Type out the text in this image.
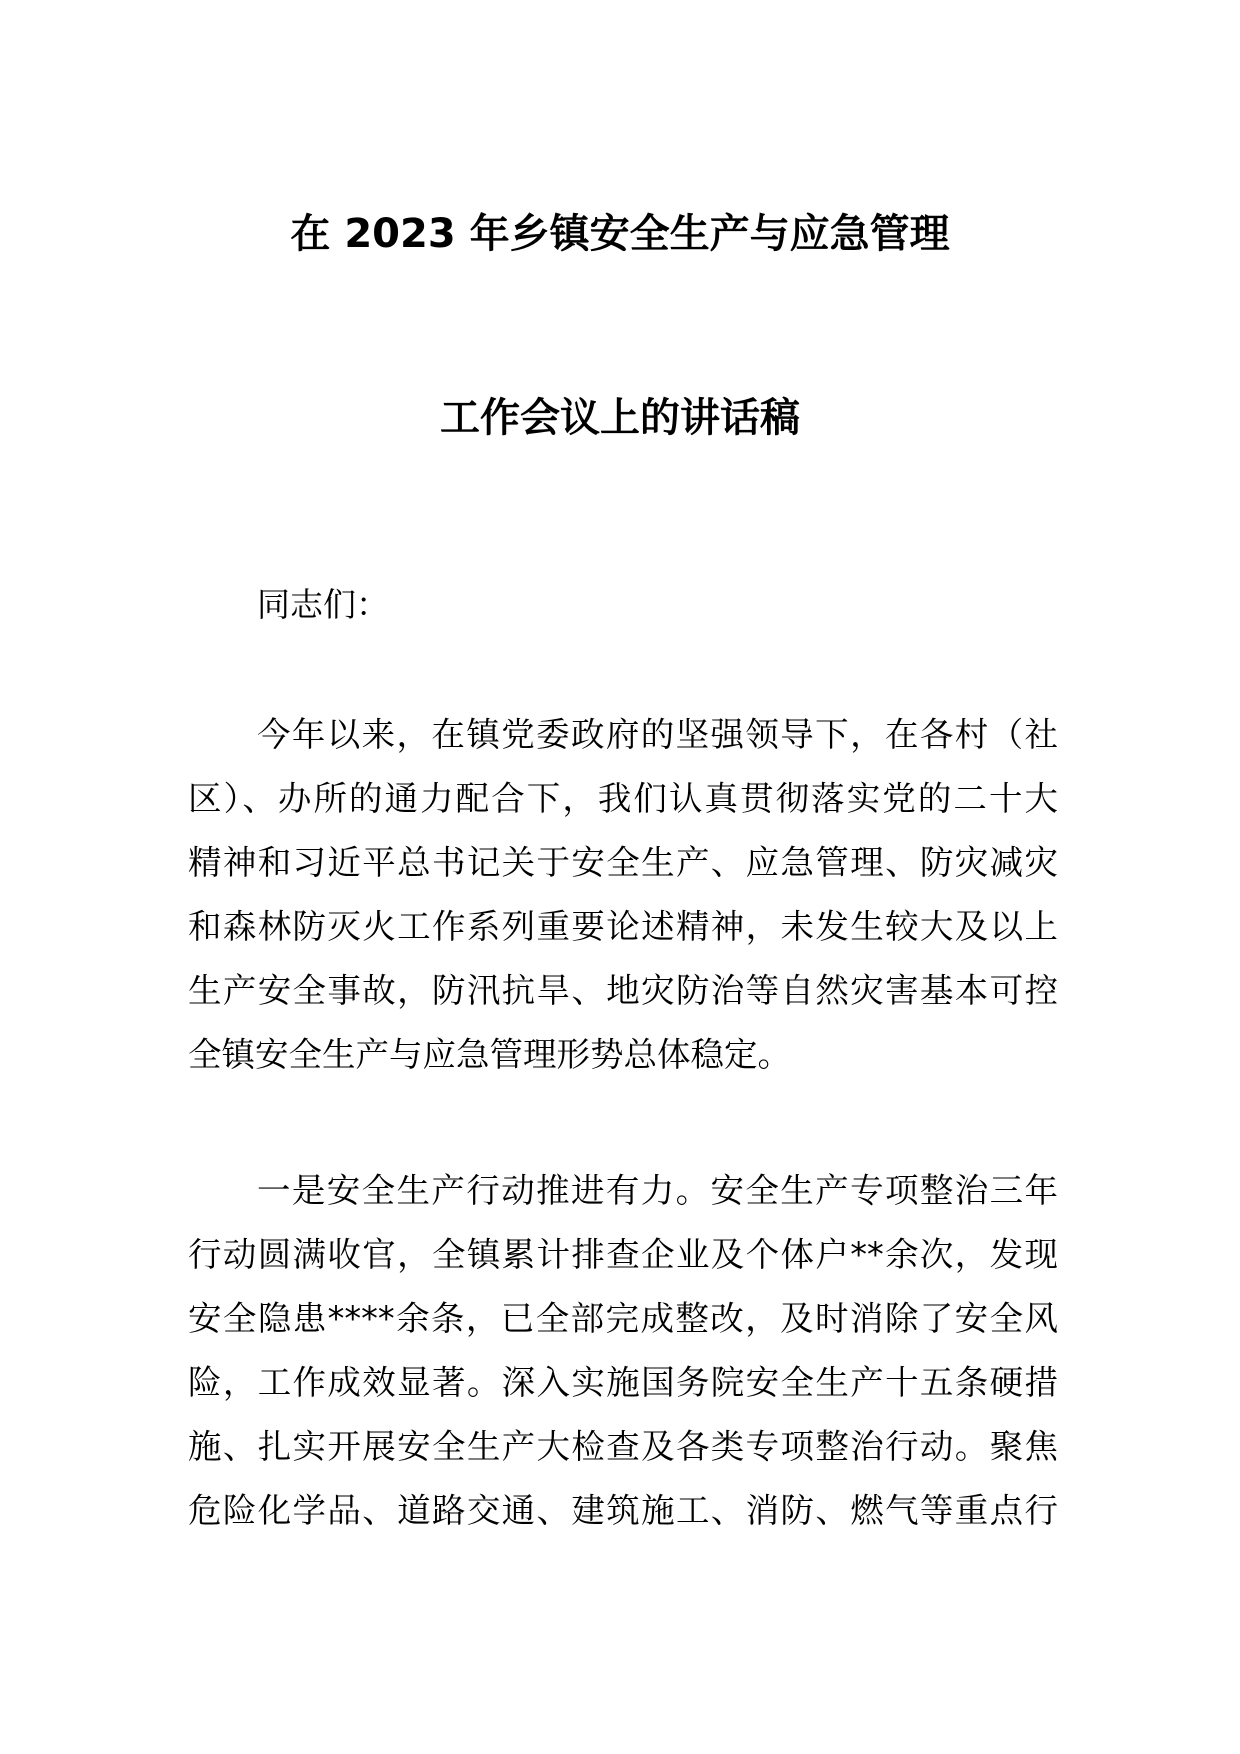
在 2023 年乡镇安全生产与应急管理
工作会议上的讲话稿
同志们：
今年以来，在镇党委政府的坚强领导下，在各村（社
区）、办所的通力配合下，我们认真贯彻落实党的二十大
精神和习近平总书记关于安全生产、应急管理、防灾减灾
和森林防灭火工作系列重要论述精神，未发生较大及以上
生产安全事故，防汛抗旱、地灾防治等自然灾害基本可控
全镇安全生产与应急管理形势总体稳定。
一是安全生产行动推进有力。安全生产专项整治三年
行动圆满收官，全镇累计排查企业及个体户**余次，发现
安全隐患****余条，已全部完成整改，及时消除了安全风
险，工作成效显著。深入实施国务院安全生产十五条硬措
施、扎实开展安全生产大检查及各类专项整治行动。聚焦
危险化学品、道路交通、建筑施工、消防、燃气等重点行
